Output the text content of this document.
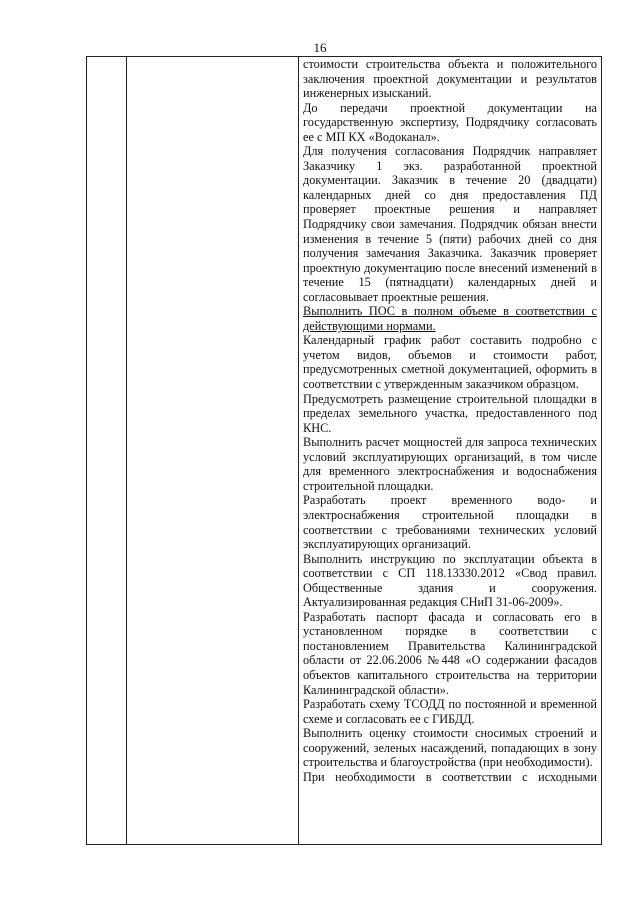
16

стоимости строительства объекта и положительного заключения проектной документации и результатов инженерных изысканий.

До передачи проектной документации на государственную экспертизу, Подрядчику согласовать ее с МП КХ «Водоканал».

Для получения согласования Подрядчик направляет Заказчику 1 экз. разработанной проектной документации. Заказчик в течение 20 (двадцати) календарных дней со дня предоставления ПД проверяет проектные решения и направляет Подрядчику свои замечания. Подрядчик обязан внести изменения в течение 5 (пяти) рабочих дней со дня получения замечания Заказчика. Заказчик проверяет проектную документацию после внесений изменений в течение 15 (пятнадцати) календарных дней и согласовывает проектные решения.

Выполнить ПОС в полном объеме в соответствии с действующими нормами.

Календарный график работ составить подробно с учетом видов, объемов и стоимости работ, предусмотренных сметной документацией, оформить в соответствии с утвержденным заказчиком образцом.

Предусмотреть размещение строительной площадки в пределах земельного участка, предоставленного под КНС.

Выполнить расчет мощностей для запроса технических условий эксплуатирующих организаций, в том числе для временного электроснабжения и водоснабжения строительной площадки.

Разработать проект временного водо- и электроснабжения строительной площадки в соответствии с требованиями технических условий эксплуатирующих организаций.

Выполнить инструкцию по эксплуатации объекта в соответствии с СП 118.13330.2012 «Свод правил. Общественные здания и сооружения. Актуализированная редакция СНиП 31-06-2009».

Разработать паспорт фасада и согласовать его в установленном порядке в соответствии с постановлением Правительства Калининградской области от 22.06.2006 №448 «О содержании фасадов объектов капитального строительства на территории Калининградской области».

Разработать схему ТСОДД по постоянной и временной схеме и согласовать ее с ГИБДД.

Выполнить оценку стоимости сносимых строений и сооружений, зеленых насаждений, попадающих в зону строительства и благоустройства (при необходимости).

При необходимости в соответствии с исходными
